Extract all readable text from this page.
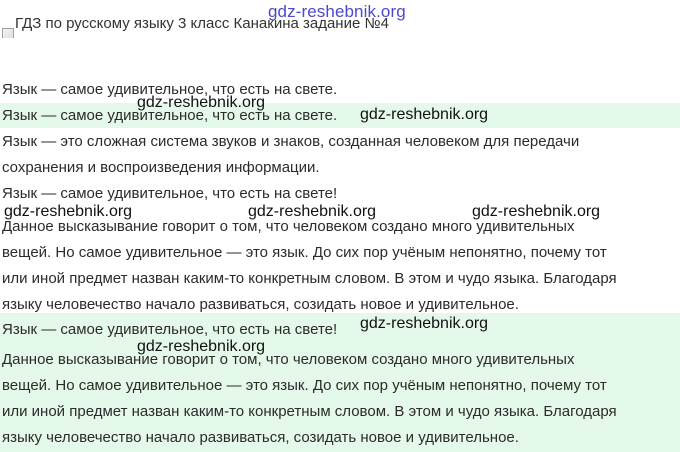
gdz-reshebnik.org
ГДЗ по русскому языку 3 класс Канакина задание №4
Язык — самое удивительное, что есть на свете.
Язык — самое удивительное, что есть на свете.
Язык — это сложная система звуков и знаков, созданная человеком для передачи
сохранения и воспроизведения информации.
Язык — самое удивительное, что есть на свете!
Данное высказывание говорит о том, что человеком создано много удивительных
вещей. Но самое удивительное — это язык. До сих пор учёным непонятно, почему тот
или иной предмет назван каким-то конкретным словом. В этом и чудо языка. Благодаря
языку человечество начало развиваться, созидать новое и удивительное.
Язык — самое удивительное, что есть на свете!
Данное высказывание говорит о том, что человеком создано много удивительных
вещей. Но самое удивительное — это язык. До сих пор учёным непонятно, почему тот
или иной предмет назван каким-то конкретным словом. В этом и чудо языка. Благодаря
языку человечество начало развиваться, созидать новое и удивительное.
gdz-reshebnik.org
gdz-reshebnik.org
gdz-reshebnik.org	gdz-reshebnik.org	gdz-reshebnik.org
gdz-reshebnik.org
gdz-reshebnik.org
